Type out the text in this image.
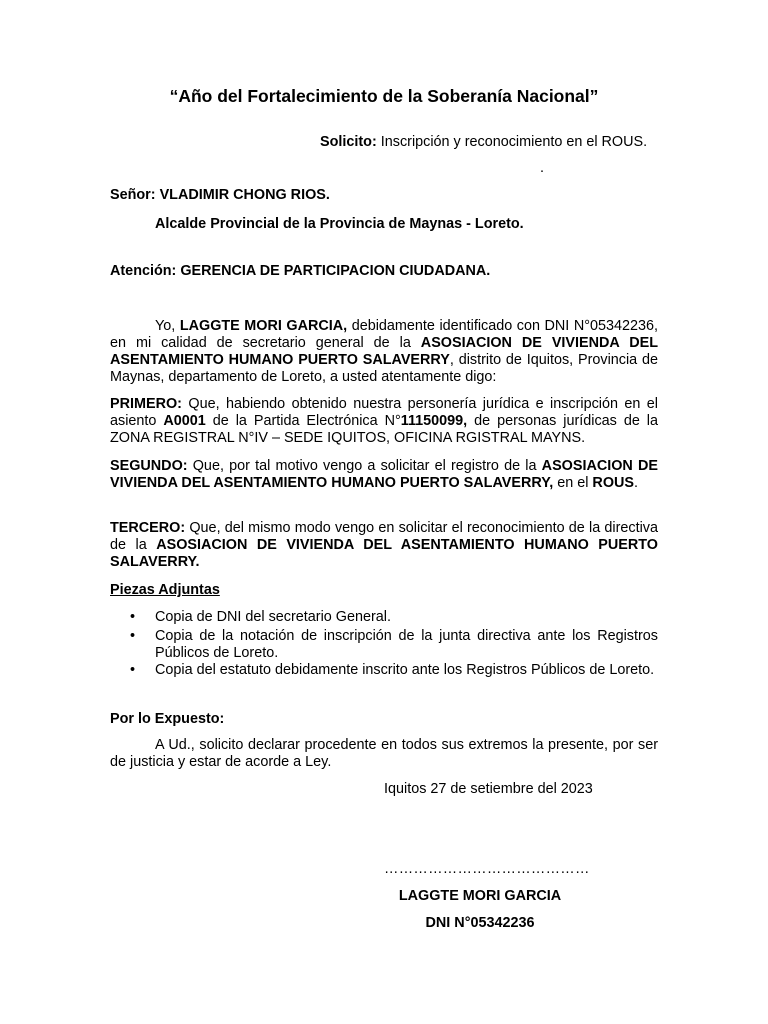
“Año del Fortalecimiento de la Soberanía Nacional”
Solicito: Inscripción y reconocimiento en el ROUS.
.
Señor: VLADIMIR CHONG RIOS.
Alcalde Provincial de la Provincia de Maynas - Loreto.
Atención: GERENCIA DE PARTICIPACION CIUDADANA.
Yo, LAGGTE MORI GARCIA, debidamente identificado con DNI N°05342236, en mi calidad de secretario general de la ASOSIACION DE VIVIENDA DEL ASENTAMIENTO HUMANO PUERTO SALAVERRY, distrito de Iquitos, Provincia de Maynas, departamento de Loreto, a usted atentamente digo:
PRIMERO: Que, habiendo obtenido nuestra personería jurídica e inscripción en el asiento A0001 de la Partida Electrónica N°11150099, de personas jurídicas de la ZONA REGISTRAL N°IV – SEDE IQUITOS, OFICINA RGISTRAL MAYNS.
SEGUNDO: Que, por tal motivo vengo a solicitar el registro de la ASOSIACION DE VIVIENDA DEL ASENTAMIENTO HUMANO PUERTO SALAVERRY, en el ROUS.
TERCERO: Que, del mismo modo vengo en solicitar el reconocimiento de la directiva de la ASOSIACION DE VIVIENDA DEL ASENTAMIENTO HUMANO PUERTO SALAVERRY.
Piezas Adjuntas
• Copia de DNI del secretario General.
• Copia de la notación de inscripción de la junta directiva ante los Registros Públicos de Loreto.
• Copia del estatuto debidamente inscrito ante los Registros Públicos de Loreto.
Por lo Expuesto:
A Ud., solicito declarar procedente en todos sus extremos la presente, por ser de justicia y estar de acorde a Ley.
Iquitos 27 de setiembre del 2023
……………………………………
LAGGTE MORI GARCIA
DNI N°05342236
